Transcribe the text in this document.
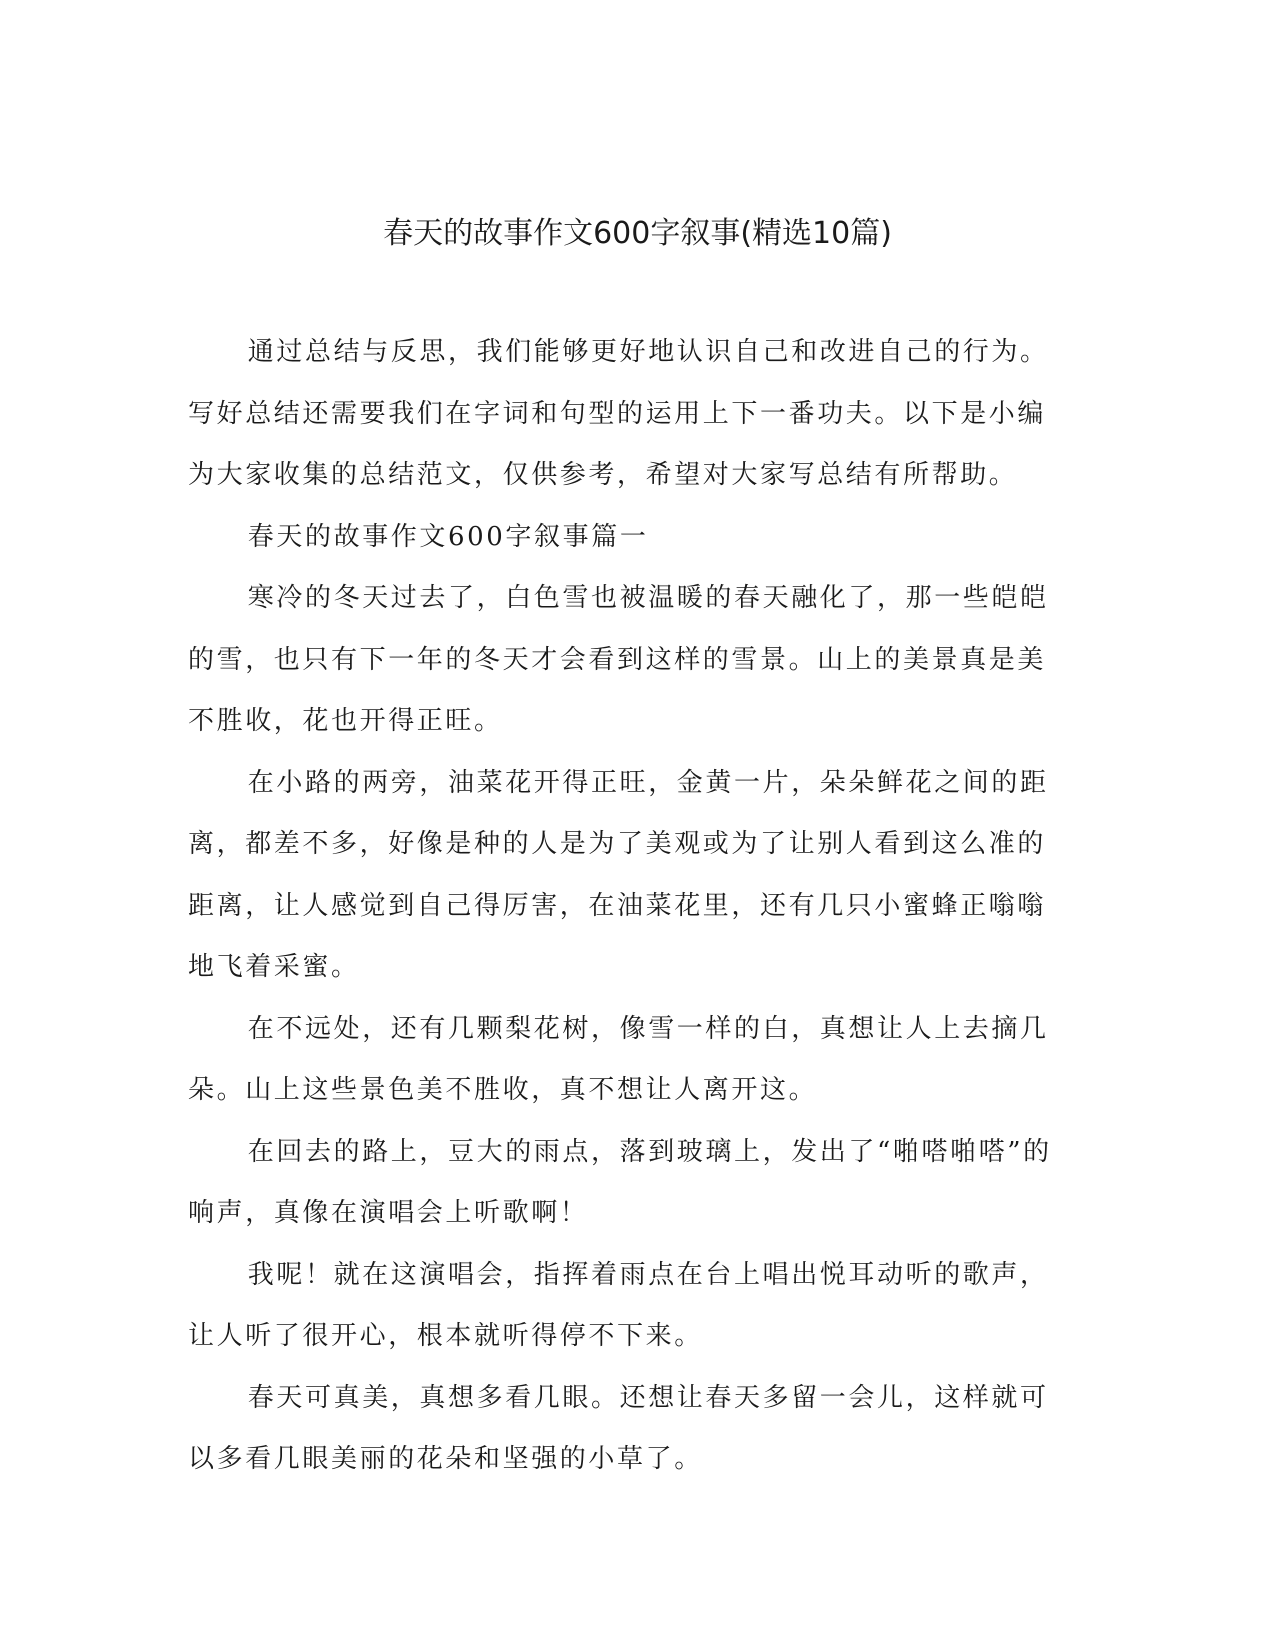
春天的故事作文600字叙事(精选10篇)

通过总结与反思，我们能够更好地认识自己和改进自己的行为。写好总结还需要我们在字词和句型的运用上下一番功夫。以下是小编为大家收集的总结范文，仅供参考，希望对大家写总结有所帮助。

春天的故事作文600字叙事篇一

寒冷的冬天过去了，白色雪也被温暖的春天融化了，那一些皑皑的雪，也只有下一年的冬天才会看到这样的雪景。山上的美景真是美不胜收，花也开得正旺。

在小路的两旁，油菜花开得正旺，金黄一片，朵朵鲜花之间的距离，都差不多，好像是种的人是为了美观或为了让别人看到这么准的距离，让人感觉到自己得厉害，在油菜花里，还有几只小蜜蜂正嗡嗡地飞着采蜜。

在不远处，还有几颗梨花树，像雪一样的白，真想让人上去摘几朵。山上这些景色美不胜收，真不想让人离开这。

在回去的路上，豆大的雨点，落到玻璃上，发出了“啪嗒啪嗒”的响声，真像在演唱会上听歌啊！

我呢！就在这演唱会，指挥着雨点在台上唱出悦耳动听的歌声，让人听了很开心，根本就听得停不下来。

春天可真美，真想多看几眼。还想让春天多留一会儿，这样就可以多看几眼美丽的花朵和坚强的小草了。
